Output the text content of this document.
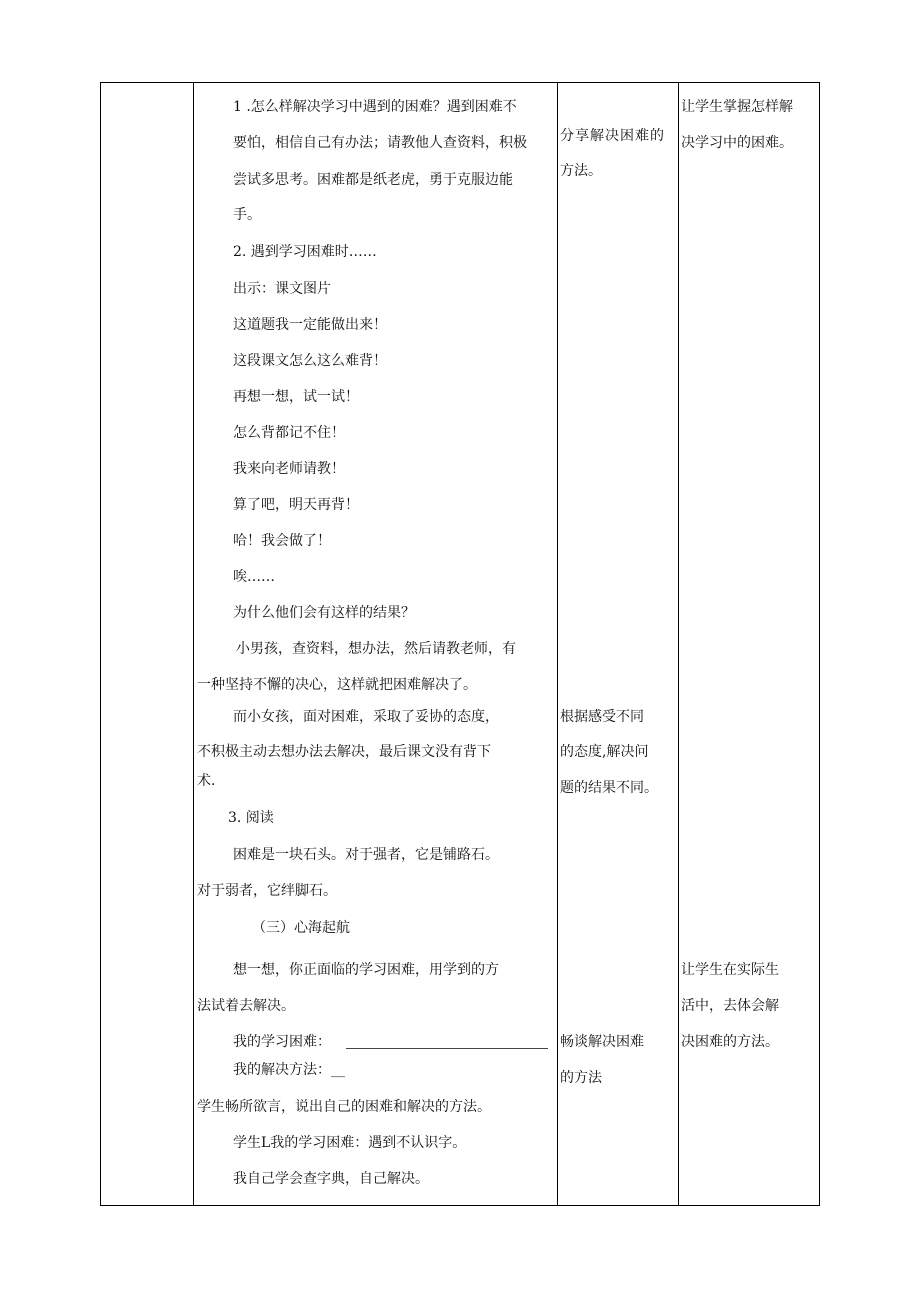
1 .怎么样解决学习中遇到的困难？遇到困难不
要怕，相信自己有办法；请教他人查资料，积极
尝试多思考。困难都是纸老虎，勇于克服边能
手。
2. 遇到学习困难时……
出示：课文图片
这道题我一定能做出来！
这段课文怎么这么难背！
再想一想，试一试！
怎么背都记不住！
我来向老师请教！
算了吧，明天再背！
哈！我会做了！
唉……
为什么他们会有这样的结果？
小男孩，查资料，想办法，然后请教老师，有
一种坚持不懈的决心，这样就把困难解决了。
而小女孩，面对困难，采取了妥协的态度，
不积极主动去想办法去解决，最后课文没有背下
术.
3. 阅读
困难是一块石头。对于强者，它是铺路石。
对于弱者，它绊脚石。
（三）心海起航
想一想，你正面临的学习困难，用学到的方
法试着去解决。
我的学习困难：
我的解决方法：__
学生畅所欲言，说出自己的困难和解决的方法。
学生L我的学习困难：遇到不认识字。
我自己学会查字典，自己解决。
分享解决困难的
方法。
根据感受不同
的态度,解决问
题的结果不同。
畅谈解决困难
的方法
让学生掌握怎样解
决学习中的困难。
让学生在实际生
活中，去体会解
决困难的方法。
